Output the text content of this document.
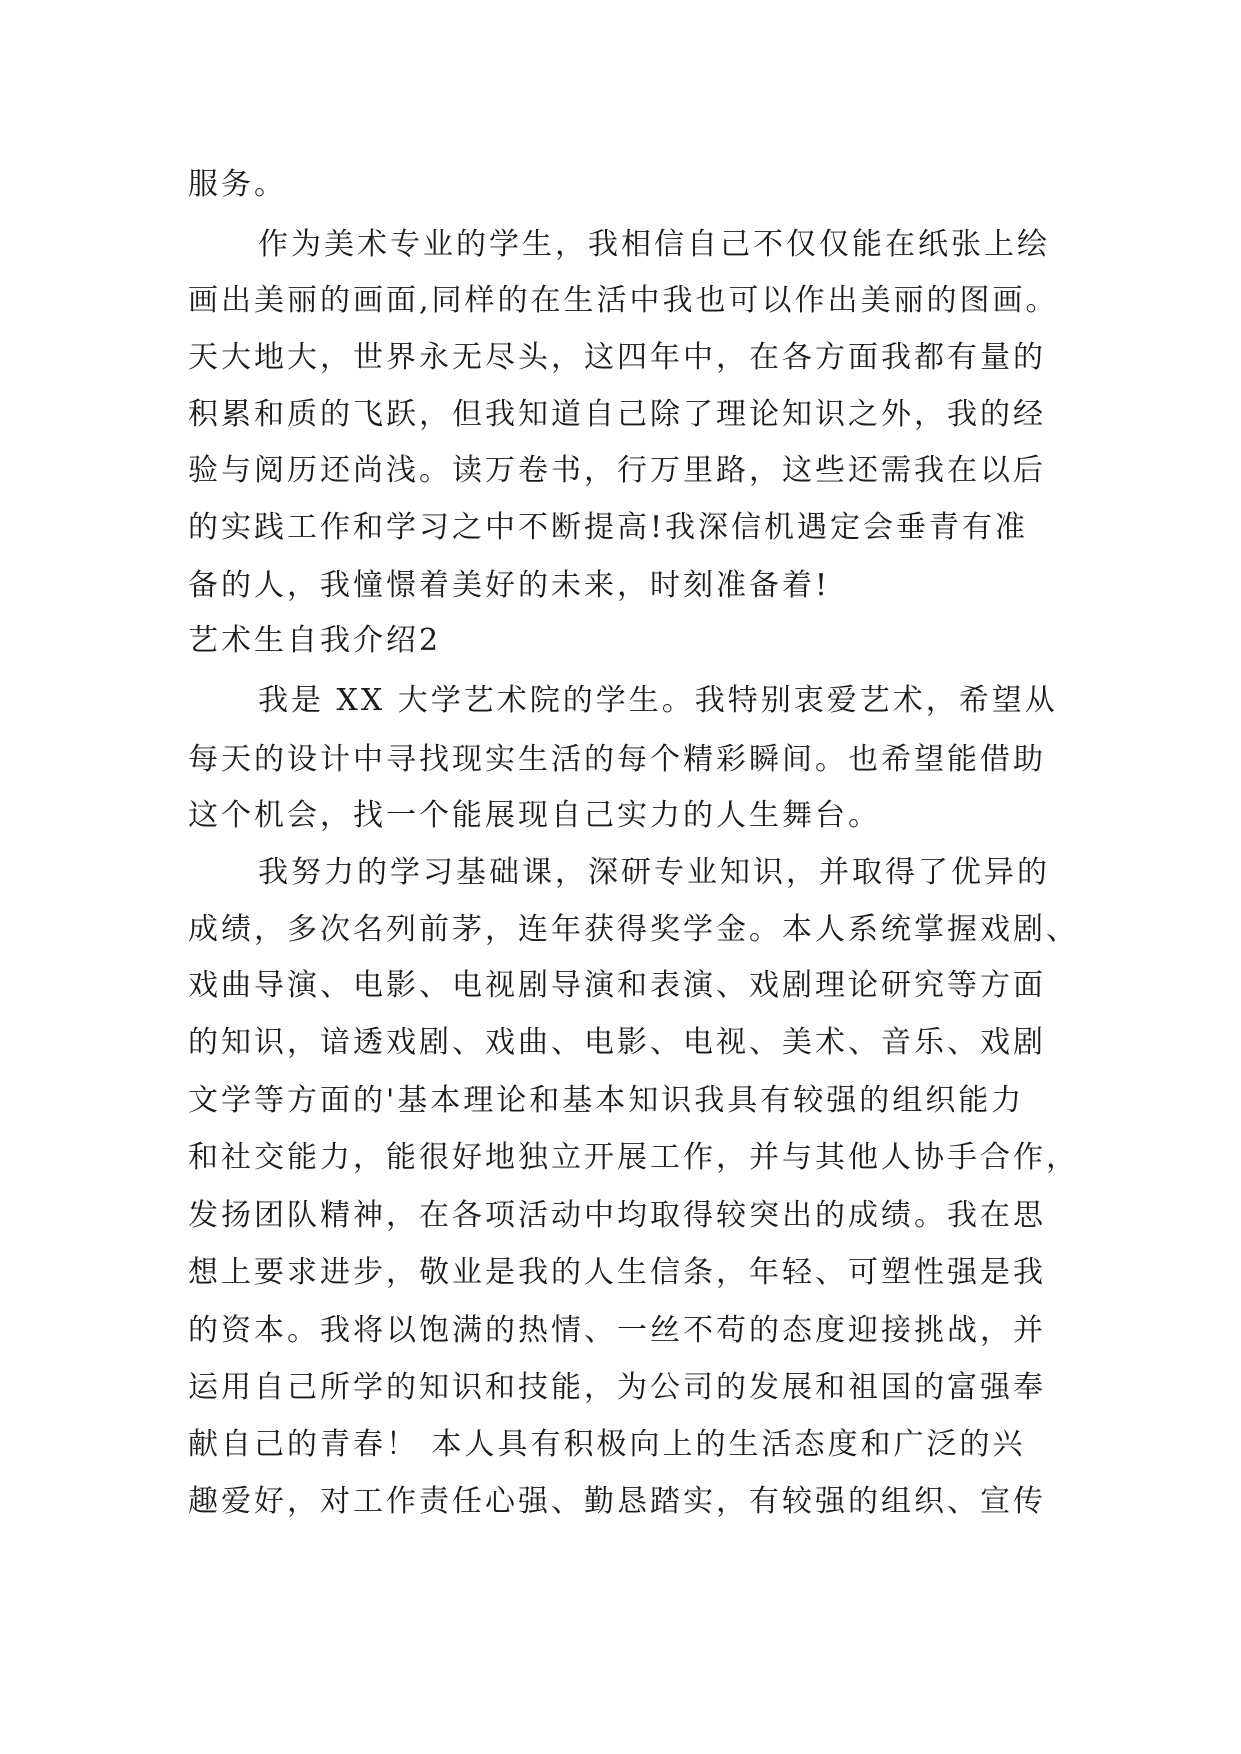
服务。
作为美术专业的学生，我相信自己不仅仅能在纸张上绘
画出美丽的画面,同样的在生活中我也可以作出美丽的图画。
天大地大，世界永无尽头，这四年中，在各方面我都有量的
积累和质的飞跃，但我知道自己除了理论知识之外，我的经
验与阅历还尚浅。读万卷书，行万里路，这些还需我在以后
的实践工作和学习之中不断提高!我深信机遇定会垂青有准
备的人，我憧憬着美好的未来，时刻准备着!
艺术生自我介绍2
我是 XX 大学艺术院的学生。我特别衷爱艺术，希望从
每天的设计中寻找现实生活的每个精彩瞬间。也希望能借助
这个机会，找一个能展现自己实力的人生舞台。
我努力的学习基础课，深研专业知识，并取得了优异的
成绩，多次名列前茅，连年获得奖学金。本人系统掌握戏剧、
戏曲导演、电影、电视剧导演和表演、戏剧理论研究等方面
的知识，谙透戏剧、戏曲、电影、电视、美术、音乐、戏剧
文学等方面的'基本理论和基本知识我具有较强的组织能力
和社交能力，能很好地独立开展工作，并与其他人协手合作，
发扬团队精神，在各项活动中均取得较突出的成绩。我在思
想上要求进步，敬业是我的人生信条，年轻、可塑性强是我
的资本。我将以饱满的热情、一丝不苟的态度迎接挑战，并
运用自己所学的知识和技能，为公司的发展和祖国的富强奉
献自己的青春！ 本人具有积极向上的生活态度和广泛的兴
趣爱好，对工作责任心强、勤恳踏实，有较强的组织、宣传
